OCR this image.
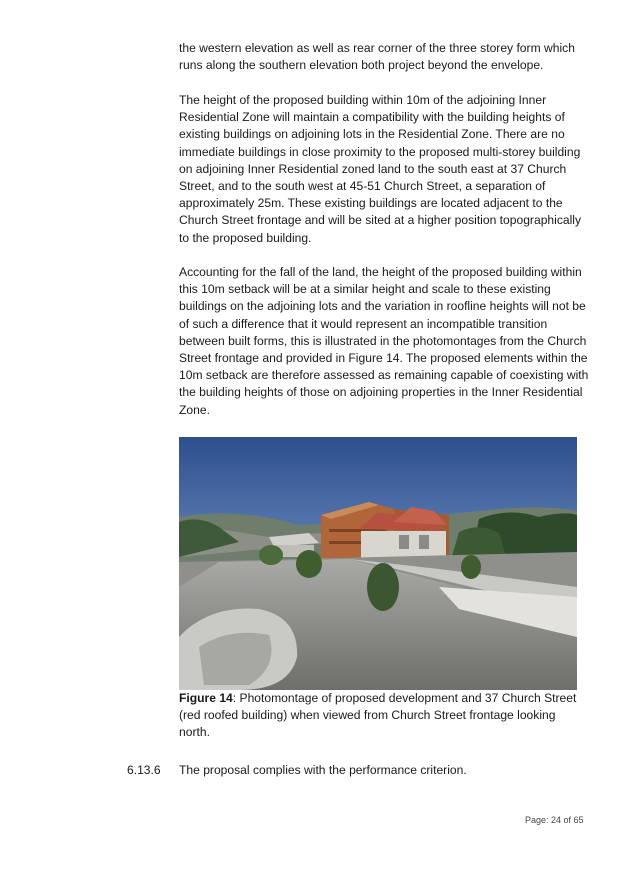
the western elevation as well as rear corner of the three storey form which runs along the southern elevation both project beyond the envelope.

The height of the proposed building within 10m of the adjoining Inner Residential Zone will maintain a compatibility with the building heights of existing buildings on adjoining lots in the Residential Zone. There are no immediate buildings in close proximity to the proposed multi-storey building on adjoining Inner Residential zoned land to the south east at 37 Church Street, and to the south west at 45-51 Church Street, a separation of approximately 25m. These existing buildings are located adjacent to the Church Street frontage and will be sited at a higher position topographically to the proposed building.

Accounting for the fall of the land, the height of the proposed building within this 10m setback will be at a similar height and scale to these existing buildings on the adjoining lots and the variation in roofline heights will not be of such a difference that it would represent an incompatible transition between built forms, this is illustrated in the photomontages from the Church Street frontage and provided in Figure 14. The proposed elements within the 10m setback are therefore assessed as remaining capable of coexisting with the building heights of those on adjoining properties in the Inner Residential Zone.

Figure 14: Photomontage of proposed development and 37 Church Street (red roofed building) when viewed from Church Street frontage looking north.

6.13.6 The proposal complies with the performance criterion.
Page: 24 of 65
